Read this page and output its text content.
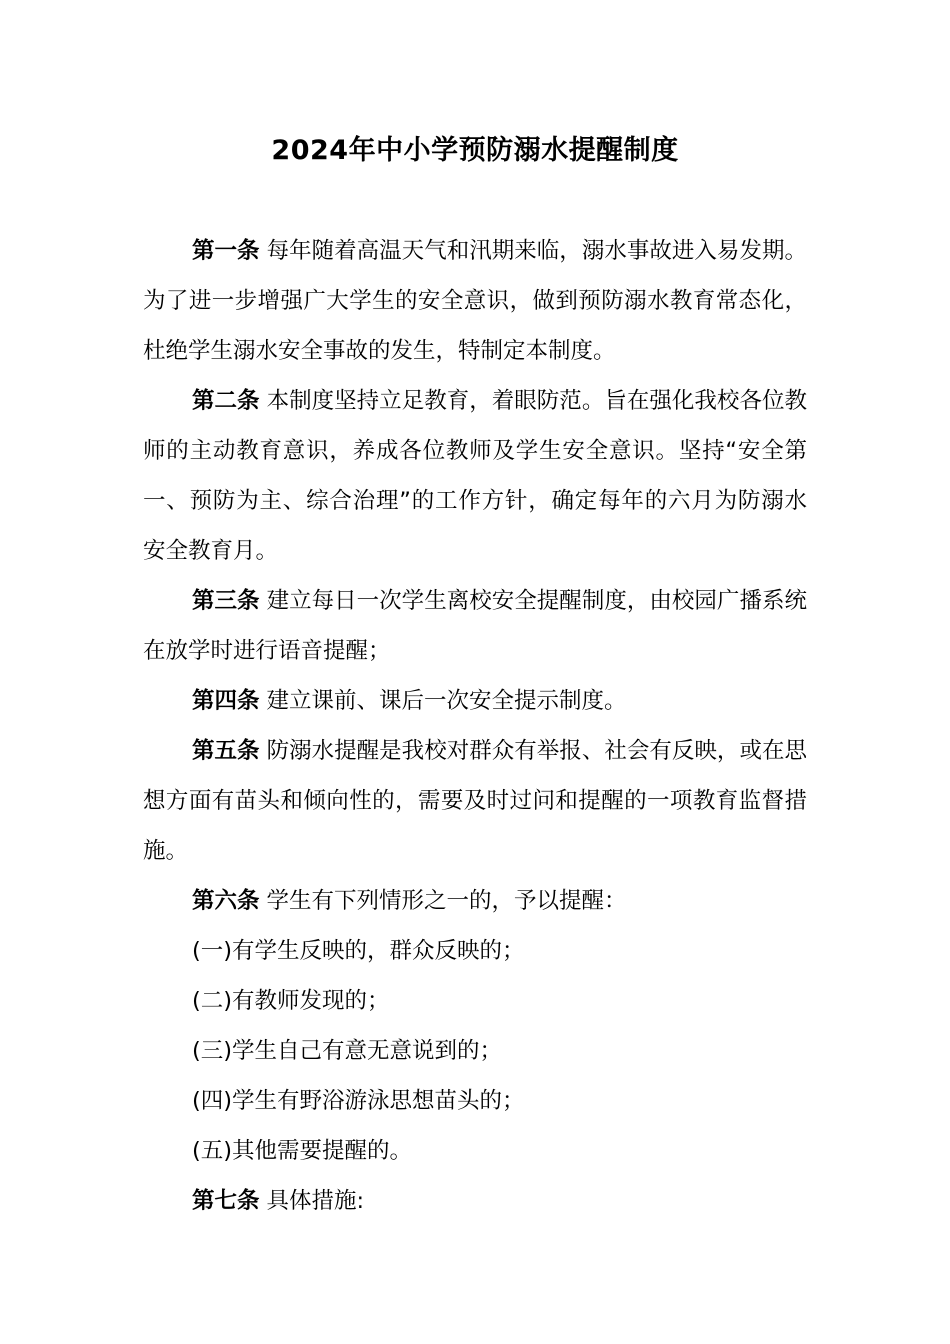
2024年中小学预防溺水提醒制度

第一条 每年随着高温天气和汛期来临，溺水事故进入易发期。为了进一步增强广大学生的安全意识，做到预防溺水教育常态化，杜绝学生溺水安全事故的发生，特制定本制度。

第二条 本制度坚持立足教育，着眼防范。旨在强化我校各位教师的主动教育意识，养成各位教师及学生安全意识。坚持“安全第一、预防为主、综合治理”的工作方针，确定每年的六月为防溺水安全教育月。

第三条 建立每日一次学生离校安全提醒制度，由校园广播系统在放学时进行语音提醒；

第四条 建立课前、课后一次安全提示制度。

第五条 防溺水提醒是我校对群众有举报、社会有反映，或在思想方面有苗头和倾向性的，需要及时过问和提醒的一项教育监督措施。

第六条 学生有下列情形之一的，予以提醒：

(一)有学生反映的，群众反映的；

(二)有教师发现的；

(三)学生自己有意无意说到的；

(四)学生有野浴游泳思想苗头的；

(五)其他需要提醒的。

第七条 具体措施:
